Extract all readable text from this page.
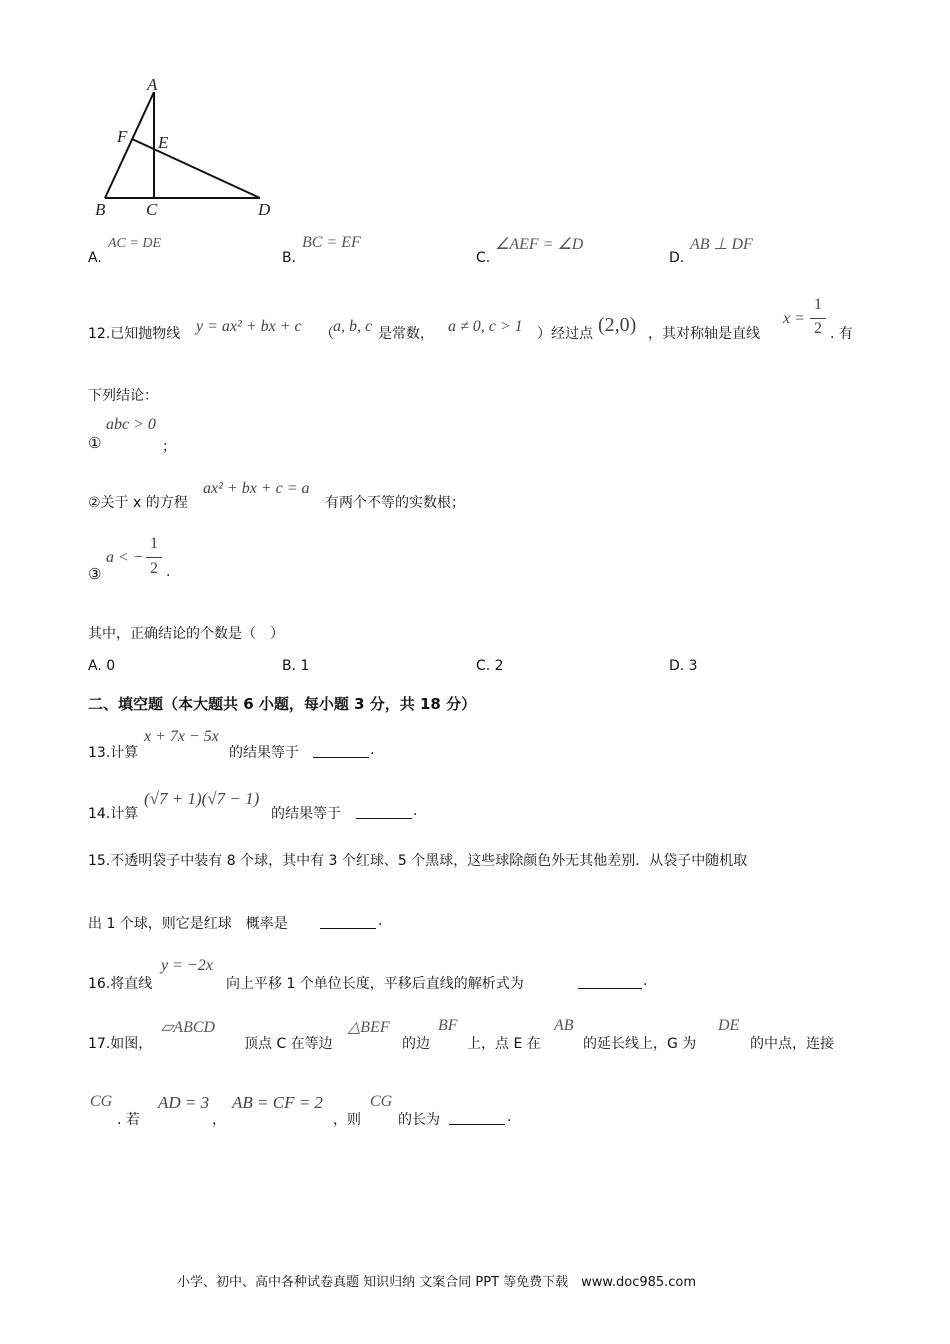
A
F E
B C	D
A.
AC = DE
B.
BC = EF
C.
∠AEF = ∠D
D.
AB ⊥ DF
12.已知抛物线 y = ax² + bx + c （ a, b, c 是常数， a ≠ 0, c > 1 ）经过点 (2,0) ，其对称轴是直线
x =
1
2 . 有
下列结论：
①
abc > 0
；
②关于 x 的方程
ax² + bx + c = a
有两个不等的实数根；
③
a < −
1
2 .
其中，正确结论的个数是（　）
A. 0	B. 1	C. 2	D. 3
二、填空题（本大题共 6 小题，每小题 3 分，共 18 分）
13.计算
x + 7x − 5x
的结果等于	.
14.计算
(√7 + 1)(√7 − 1)
的结果等于	.
15.不透明袋子中装有 8 个球，其中有 3 个红球、5 个黑球，这些球除颜色外无其他差别．从袋子中随机取
出 1 个球，则它是红球　概率是	.
16.将直线
y = −2x
向上平移 1 个单位长度，平移后直线的解析式为	.
17.如图，
▱ABCD
顶点 C 在等边
△BEF
的边
BF
上，点 E 在
AB
的延长线上，G 为
DE
的中点，连接
CG
. 若
AD = 3
，
AB = CF = 2
，则
CG
的长为	.
小学、初中、高中各种试卷真题 知识归纳 文案合同 PPT 等免费下载　www.doc985.com
